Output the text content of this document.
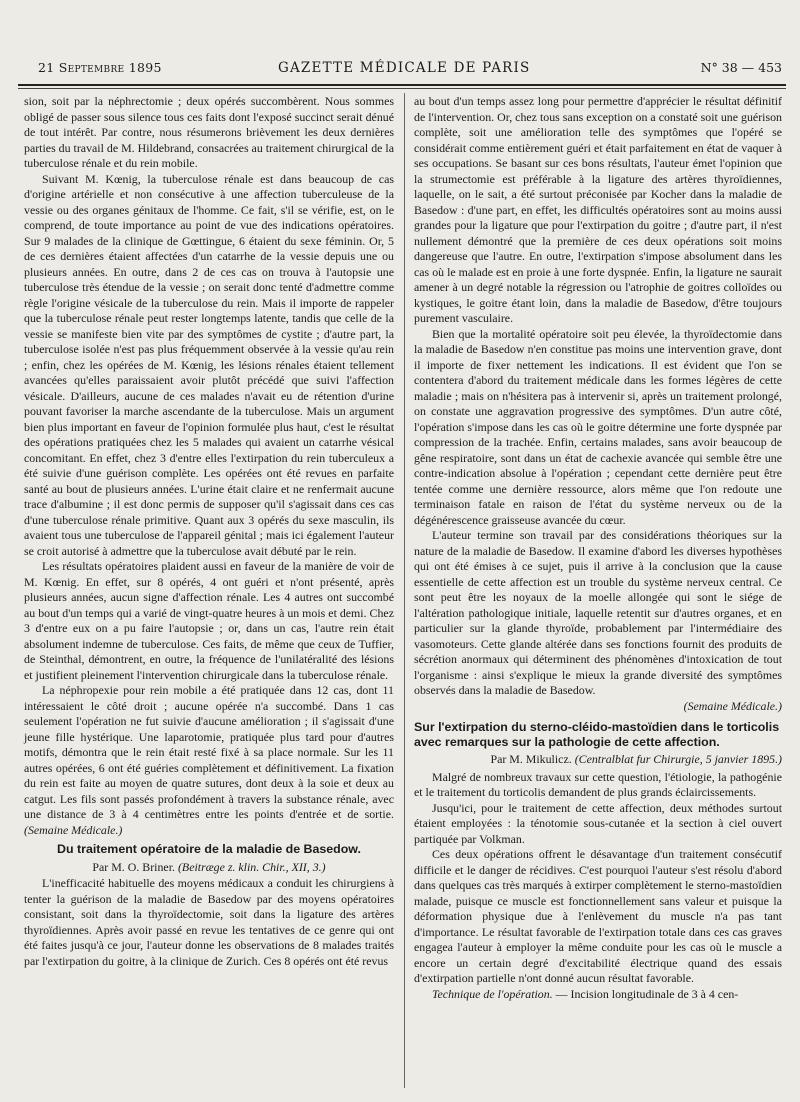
21 Septembre 1895	GAZETTE MÉDICALE DE PARIS	N° 38 — 453

sion, soit par la néphrectomie ; deux opérés succombèrent. Nous sommes obligé de passer sous silence tous ces faits dont l'exposé succinct serait dénué de tout intérêt. Par contre, nous résumerons brièvement les deux dernières parties du travail de M. Hildebrand, consacrées au traitement chirurgical de la tuberculose rénale et du rein mobile.

Suivant M. Kœnig, la tuberculose rénale est dans beaucoup de cas d'origine artérielle et non consécutive à une affection tuberculeuse de la vessie ou des organes génitaux de l'homme. Ce fait, s'il se vérifie, est, on le comprend, de toute importance au point de vue des indications opératoires. Sur 9 malades de la clinique de Gœttingue, 6 étaient du sexe féminin. Or, 5 de ces dernières étaient affectées d'un catarrhe de la vessie depuis une ou plusieurs années. En outre, dans 2 de ces cas on trouva à l'autopsie une tuberculose très étendue de la vessie ; on serait donc tenté d'admettre comme règle l'origine vésicale de la tuberculose du rein. Mais il importe de rappeler que la tuberculose rénale peut rester longtemps latente, tandis que celle de la vessie se manifeste bien vite par des symptômes de cystite ; d'autre part, la tuberculose isolée n'est pas plus fréquemment observée à la vessie qu'au rein ; enfin, chez les opérées de M. Kœnig, les lésions rénales étaient tellement avancées qu'elles paraissaient avoir plutôt précédé que suivi l'affection vésicale. D'ailleurs, aucune de ces malades n'avait eu de rétention d'urine pouvant favoriser la marche ascendante de la tuberculose. Mais un argument bien plus important en faveur de l'opinion formulée plus haut, c'est le résultat des opérations pratiquées chez les 5 malades qui avaient un catarrhe vésical concomitant. En effet, chez 3 d'entre elles l'extirpation du rein tuberculeux a été suivie d'une guérison complète. Les opérées ont été revues en parfaite santé au bout de plusieurs années. L'urine était claire et ne renfermait aucune trace d'albumine ; il est donc permis de supposer qu'il s'agissait dans ces cas d'une tuberculose rénale primitive. Quant aux 3 opérés du sexe masculin, ils avaient tous une tuberculose de l'appareil génital ; mais ici également l'auteur se croit autorisé à admettre que la tuberculose avait débuté par le rein.

Les résultats opératoires plaident aussi en faveur de la manière de voir de M. Kœnig. En effet, sur 8 opérés, 4 ont guéri et n'ont présenté, après plusieurs années, aucun signe d'affection rénale. Les 4 autres ont succombé au bout d'un temps qui a varié de vingt-quatre heures à un mois et demi. Chez 3 d'entre eux on a pu faire l'autopsie ; or, dans un cas, l'autre rein était absolument indemne de tuberculose. Ces faits, de même que ceux de Tuffier, de Steinthal, démontrent, en outre, la fréquence de l'unilatéralité des lésions et justifient pleinement l'intervention chirurgicale dans la tuberculose rénale.

La néphropexie pour rein mobile a été pratiquée dans 12 cas, dont 11 intéressaient le côté droit ; aucune opérée n'a succombé. Dans 1 cas seulement l'opération ne fut suivie d'aucune amélioration ; il s'agissait d'une jeune fille hystérique. Une laparotomie, pratiquée plus tard pour d'autres motifs, démontra que le rein était resté fixé à sa place normale. Sur les 11 autres opérées, 6 ont été guéries complètement et définitivement. La fixation du rein est faite au moyen de quatre sutures, dont deux à la soie et deux au catgut. Les fils sont passés profondément à travers la substance rénale, avec une distance de 3 à 4 centimètres entre les points d'entrée et de sortie. (Semaine Médicale.)

Du traitement opératoire de la maladie de Basedow.
Par M. O. Briner. (Beitræge z. klin. Chir., XII, 3.)

L'inefficacité habituelle des moyens médicaux a conduit les chirurgiens à tenter la guérison de la maladie de Basedow par des moyens opératoires consistant, soit dans la thyroïdectomie, soit dans la ligature des artères thyroïdiennes. Après avoir passé en revue les tentatives de ce genre qui ont été faites jusqu'à ce jour, l'auteur donne les observations de 8 malades traités par l'extirpation du goitre, à la clinique de Zurich. Ces 8 opérés ont été revus

au bout d'un temps assez long pour permettre d'apprécier le résultat définitif de l'intervention. Or, chez tous sans exception on a constaté soit une guérison complète, soit une amélioration telle des symptômes que l'opéré se considérait comme entièrement guéri et était parfaitement en état de vaquer à ses occupations. Se basant sur ces bons résultats, l'auteur émet l'opinion que la strumectomie est préférable à la ligature des artères thyroïdiennes, laquelle, on le sait, a été surtout préconisée par Kocher dans la maladie de Basedow : d'une part, en effet, les difficultés opératoires sont au moins aussi grandes pour la ligature que pour l'extirpation du goitre ; d'autre part, il n'est nullement démontré que la première de ces deux opérations soit moins dangereuse que l'autre. En outre, l'extirpation s'impose absolument dans les cas où le malade est en proie à une forte dyspnée. Enfin, la ligature ne saurait amener à un degré notable la régression ou l'atrophie de goitres colloïdes ou kystiques, le goitre étant loin, dans la maladie de Basedow, d'être toujours purement vasculaire.

Bien que la mortalité opératoire soit peu élevée, la thyroïdectomie dans la maladie de Basedow n'en constitue pas moins une intervention grave, dont il importe de fixer nettement les indications. Il est évident que l'on se contentera d'abord du traitement médicale dans les formes légères de cette maladie ; mais on n'hésitera pas à intervenir si, après un traitement prolongé, on constate une aggravation progressive des symptômes. D'un autre côté, l'opération s'impose dans les cas où le goitre détermine une forte dyspnée par compression de la trachée. Enfin, certains malades, sans avoir beaucoup de gêne respiratoire, sont dans un état de cachexie avancée qui semble être une contre-indication absolue à l'opération ; cependant cette dernière peut être tentée comme une dernière ressource, alors même que l'on redoute une terminaison fatale en raison de l'état du système nerveux ou de la dégénérescence graisseuse avancée du cœur.

L'auteur termine son travail par des considérations théoriques sur la nature de la maladie de Basedow. Il examine d'abord les diverses hypothèses qui ont été émises à ce sujet, puis il arrive à la conclusion que la cause essentielle de cette affection est un trouble du système nerveux central. Ce sont peut être les noyaux de la moelle allongée qui sont le siége de l'altération pathologique initiale, laquelle retentit sur d'autres organes, et en particulier sur la glande thyroïde, probablement par l'intermédiaire des vasomoteurs. Cette glande altérée dans ses fonctions fournit des produits de sécrétion anormaux qui déterminent des phénomènes d'intoxication de tout l'organisme : ainsi s'explique le mieux la grande diversité des symptômes observés dans la maladie de Basedow.

(Semaine Médicale.)
Sur l'extirpation du sterno-cléido-mastoïdien dans le torticolis avec remarques sur la pathologie de cette affection.
Par M. Mikulicz. (Centralblat fur Chirurgie, 5 janvier 1895.)

Malgré de nombreux travaux sur cette question, l'étiologie, la pathogénie et le traitement du torticolis demandent de plus grands éclaircissements.

Jusqu'ici, pour le traitement de cette affection, deux méthodes surtout étaient employées : la ténotomie sous-cutanée et la section à ciel ouvert partiquée par Volkman.

Ces deux opérations offrent le désavantage d'un traitement consécutif difficile et le danger de récidives. C'est pourquoi l'auteur s'est résolu d'abord dans quelques cas très marqués à extirper complètement le sterno-mastoïdien malade, puisque ce muscle est fonctionnellement sans valeur et puisque la déformation physique due à l'enlèvement du muscle n'a pas tant d'importance. Le résultat favorable de l'extirpation totale dans ces cas graves engagea l'auteur à employer la même conduite pour les cas où le muscle a encore un certain degré d'excitabilité électrique quand des essais d'extirpation partielle n'ont donné aucun résultat favorable.

Technique de l'opération. — Incision longitudinale de 3 à 4 cen-
